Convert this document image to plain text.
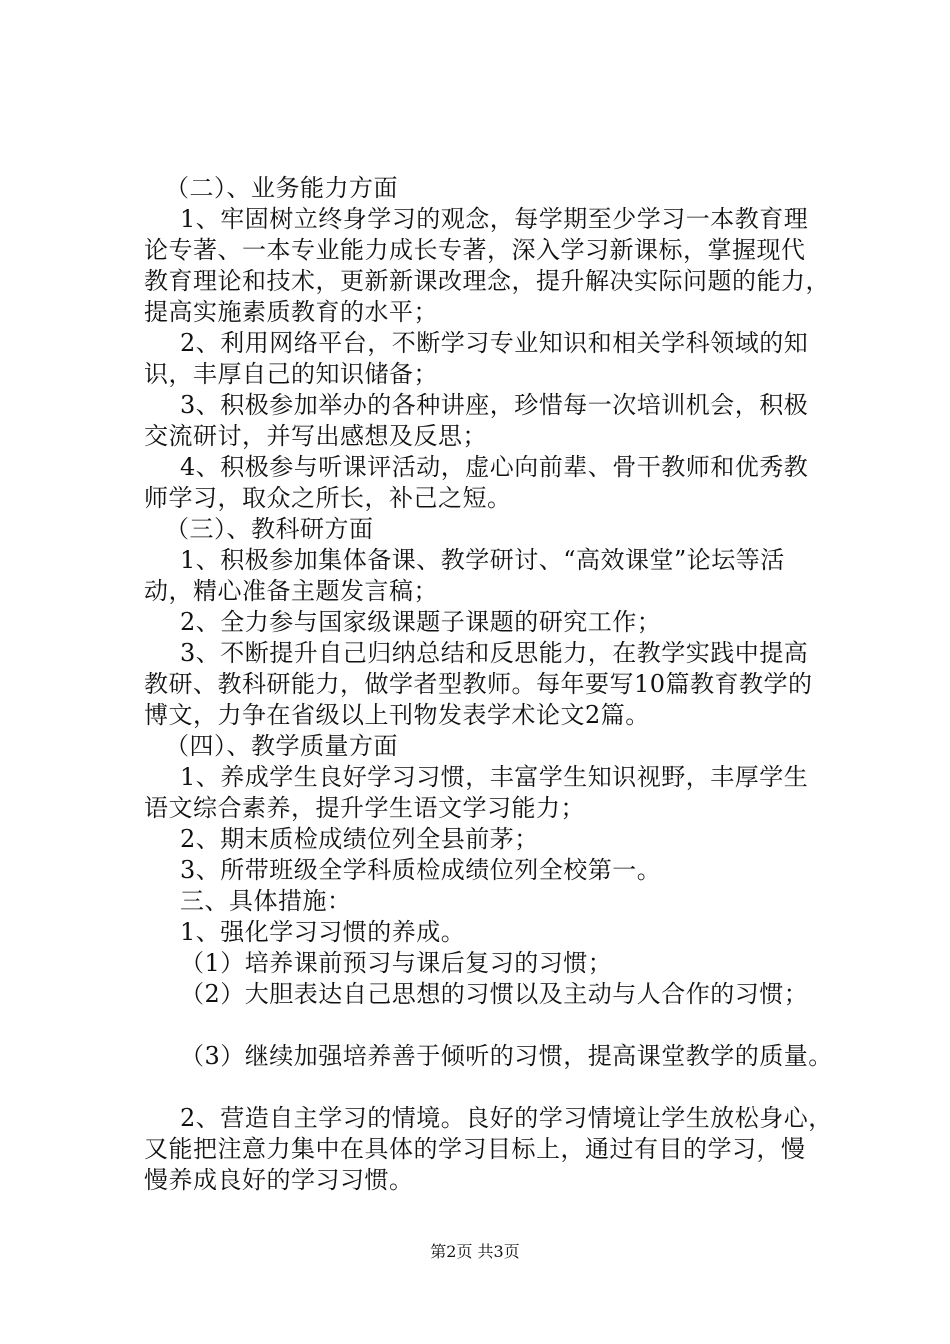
（二）、业务能力方面
1、牢固树立终身学习的观念，每学期至少学习一本教育理
论专著、一本专业能力成长专著，深入学习新课标，掌握现代
教育理论和技术，更新新课改理念，提升解决实际问题的能力，
提高实施素质教育的水平；
2、利用网络平台，不断学习专业知识和相关学科领域的知
识，丰厚自己的知识储备；
3、积极参加举办的各种讲座，珍惜每一次培训机会，积极
交流研讨，并写出感想及反思；
4、积极参与听课评活动，虚心向前辈、骨干教师和优秀教
师学习，取众之所长，补己之短。
（三）、教科研方面
1、积极参加集体备课、教学研讨、“高效课堂”论坛等活
动，精心准备主题发言稿；
2、全力参与国家级课题子课题的研究工作；
3、不断提升自己归纳总结和反思能力，在教学实践中提高
教研、教科研能力，做学者型教师。每年要写10篇教育教学的
博文，力争在省级以上刊物发表学术论文2篇。
（四）、教学质量方面
1、养成学生良好学习习惯，丰富学生知识视野，丰厚学生
语文综合素养，提升学生语文学习能力；
2、期末质检成绩位列全县前茅；
3、所带班级全学科质检成绩位列全校第一。
三、具体措施：
1、强化学习习惯的养成。
（1）培养课前预习与课后复习的习惯；
（2）大胆表达自己思想的习惯以及主动与人合作的习惯；
（3）继续加强培养善于倾听的习惯，提高课堂教学的质量。
2、营造自主学习的情境。良好的学习情境让学生放松身心，
又能把注意力集中在具体的学习目标上，通过有目的学习，慢
慢养成良好的学习习惯。
第2页 共3页
